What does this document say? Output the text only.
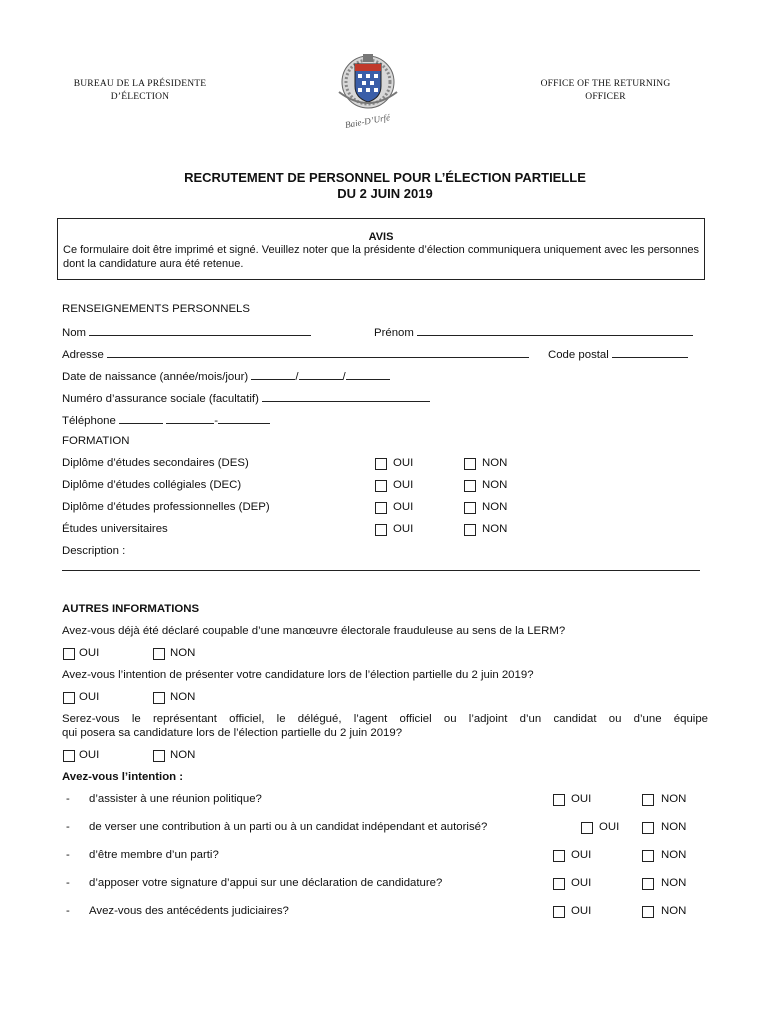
BUREAU DE LA PRÉSIDENTE
D’ÉLECTION
OFFICE OF THE RETURNING
OFFICER
Baie-D’Urfé
RECRUTEMENT DE PERSONNEL POUR L’ÉLECTION PARTIELLE
DU 2 JUIN 2019
AVIS
Ce formulaire doit être imprimé et signé. Veuillez noter que la présidente d’élection communiquera uniquement avec les personnes dont la candidature aura été retenue.
RENSEIGNEMENTS PERSONNELS
Nom	Prénom
Adresse	Code postal
Date de naissance (année/mois/jour)	/	/
Numéro d’assurance sociale (facultatif)
Téléphone	-
FORMATION
Diplôme d’études secondaires (DES)	OUI	NON
Diplôme d’études collégiales (DEC)	OUI	NON
Diplôme d’études professionnelles (DEP)	OUI	NON
Études universitaires	OUI	NON
Description :
AUTRES INFORMATIONS
Avez-vous déjà été déclaré coupable d’une manœuvre électorale frauduleuse au sens de la LERM?
OUI	NON
Avez-vous l’intention de présenter votre candidature lors de l’élection partielle du 2 juin 2019?
OUI	NON
Serez-vous le représentant officiel, le délégué, l’agent officiel ou l’adjoint d’un candidat ou d’une équipe
qui posera sa candidature lors de l’élection partielle du 2 juin 2019?
OUI	NON
Avez-vous l’intention :
- d’assister à une réunion politique?	OUI	NON
- de verser une contribution à un parti ou à un candidat indépendant et autorisé?	OUI	NON
- d’être membre d’un parti?	OUI	NON
- d’apposer votre signature d’appui sur une déclaration de candidature?	OUI	NON
- Avez-vous des antécédents judiciaires?	OUI	NON
